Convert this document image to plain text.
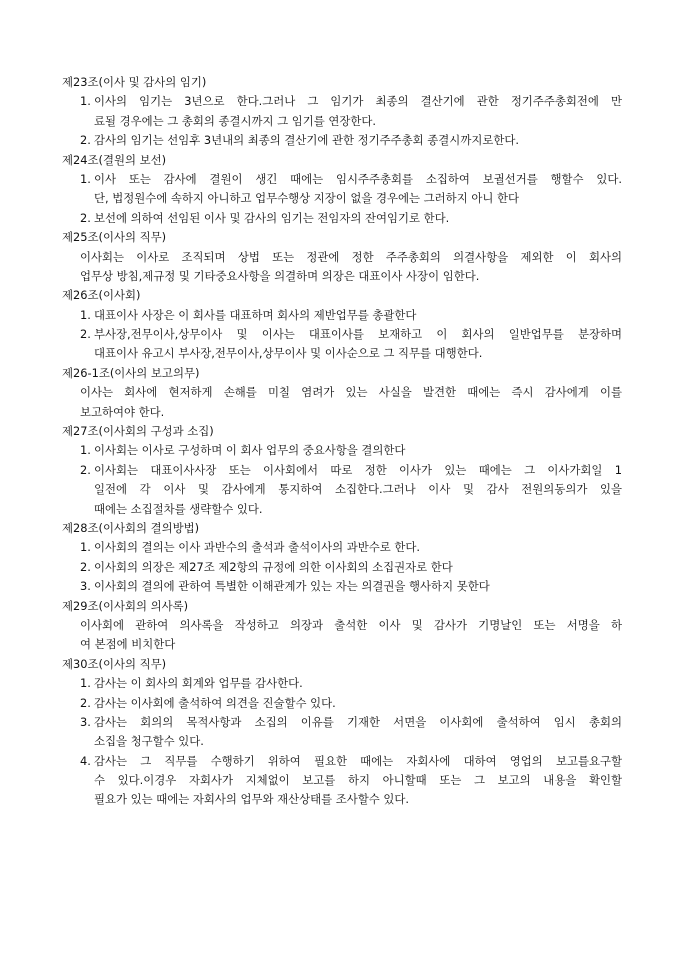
제23조(이사 및 감사의 임기)
1. 이사의 임기는 3년으로 한다.그러나 그 임기가 최종의 결산기에 관한 정기주주총회전에 만
료될 경우에는 그 총회의 종결시까지 그 임기를 연장한다.
2. 감사의 임기는 선임후 3년내의 최종의 결산기에 관한 정기주주총회 종결시까지로한다.
제24조(결원의 보선)
1. 이사 또는 감사에 결원이 생긴 때에는 임시주주총회를 소집하여 보궐선거를 행할수 있다.
단, 법정원수에 속하지 아니하고 업무수행상 지장이 없을 경우에는 그러하지 아니 한다
2. 보선에 의하여 선임된 이사 및 감사의 임기는 전임자의 잔여임기로 한다.
제25조(이사의 직무)
이사회는 이사로 조직되며 상법 또는 정관에 정한 주주총회의 의결사항을 제외한 이 회사의
업무상 방침,제규정 및 기타중요사항을 의결하며 의장은 대표이사 사장이 임한다.
제26조(이사회)
1. 대표이사 사장은 이 회사를 대표하며 회사의 제반업무를 총괄한다
2. 부사장,전무이사,상무이사 및 이사는 대표이사를 보재하고 이 회사의 일반업무를 분장하며
대표이사 유고시 부사장,전무이사,상무이사 및 이사순으로 그 직무를 대행한다.
제26-1조(이사의 보고의무)
이사는 회사에 현저하게 손해를 미칠 염려가 있는 사실을 발견한 때에는 즉시 감사에게 이를
보고하여야 한다.
제27조(이사회의 구성과 소집)
1. 이사회는 이사로 구성하며 이 회사 업무의 중요사항을 결의한다
2. 이사회는 대표이사사장 또는 이사회에서 따로 정한 이사가 있는 때에는 그 이사가회일 1
일전에 각 이사 및 감사에게 통지하여 소집한다.그러나 이사 및 감사 전원의동의가 있을
때에는 소집절차를 생략할수 있다.
제28조(이사회의 결의방법)
1. 이사회의 결의는 이사 과반수의 출석과 출석이사의 과반수로 한다.
2. 이사회의 의장은 제27조 제2항의 규정에 의한 이사회의 소집권자로 한다
3. 이사회의 결의에 관하여 특별한 이해관계가 있는 자는 의결권을 행사하지 못한다
제29조(이사회의 의사록)
이사회에 관하여 의사록을 작성하고 의장과 출석한 이사 및 감사가 기명날인 또는 서명을 하
여 본점에 비치한다
제30조(이사의 직무)
1. 감사는 이 회사의 회계와 업무를 감사한다.
2. 감사는 이사회에 출석하여 의견을 진술할수 있다.
3. 감사는 회의의 목적사항과 소집의 이유를 기재한 서면을 이사회에 출석하여 임시 총회의
소집을 청구할수 있다.
4. 감사는 그 직무를 수행하기 위하여 필요한 때에는 자회사에 대하여 영업의 보고를요구할
수 있다.이경우 자회사가 지체없이 보고를 하지 아니할때 또는 그 보고의 내용을 확인할
필요가 있는 때에는 자회사의 업무와 재산상태를 조사할수 있다.
